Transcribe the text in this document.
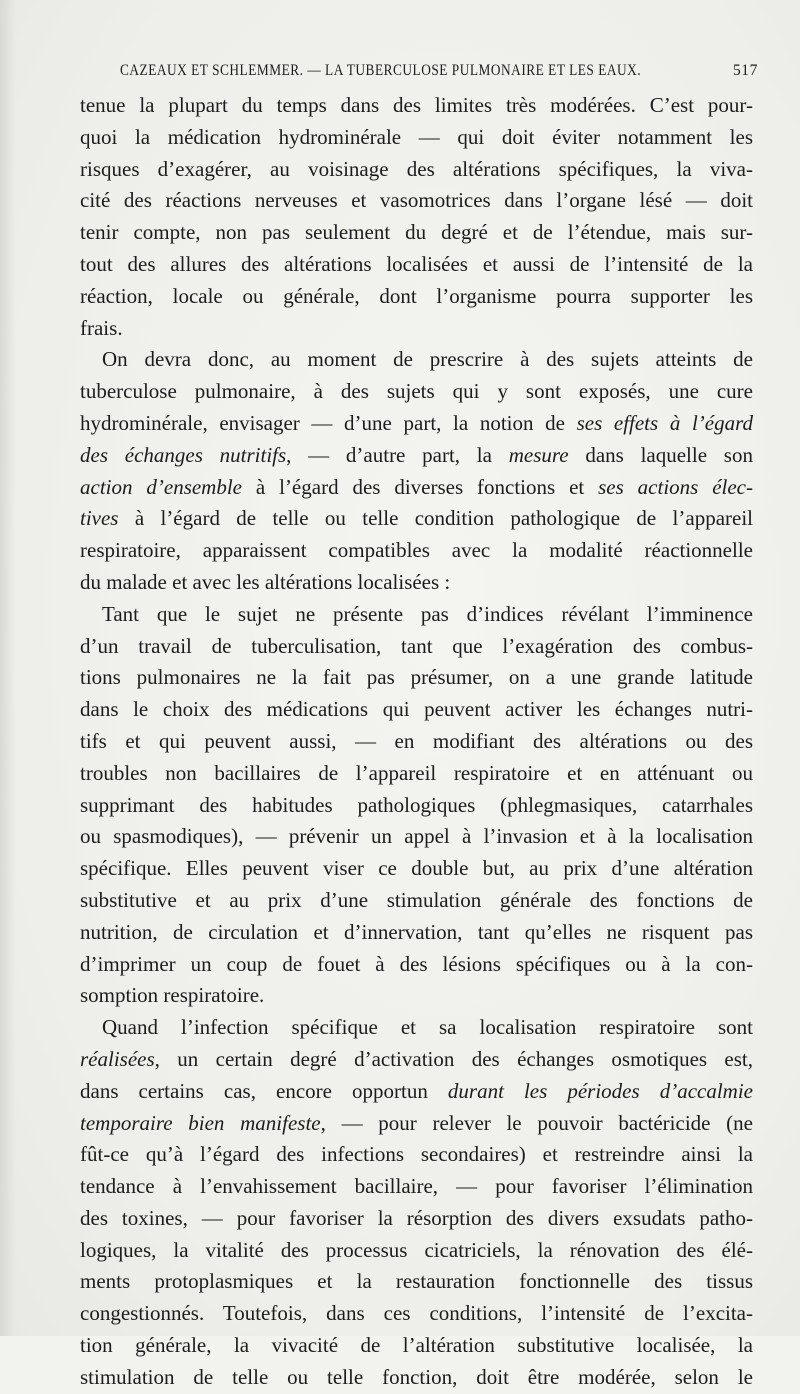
CAZEAUX ET SCHLEMMER. — LA TUBERCULOSE PULMONAIRE ET LES EAUX.	517
tenue la plupart du temps dans des limites très modérées. C’est pour-
quoi la médication hydrominérale — qui doit éviter notamment les
risques d’exagérer, au voisinage des altérations spécifiques, la viva-
cité des réactions nerveuses et vasomotrices dans l’organe lésé — doit
tenir compte, non pas seulement du degré et de l’étendue, mais sur-
tout des allures des altérations localisées et aussi de l’intensité de la
réaction, locale ou générale, dont l’organisme pourra supporter les
frais.
On devra donc, au moment de prescrire à des sujets atteints de
tuberculose pulmonaire, à des sujets qui y sont exposés, une cure
hydrominérale, envisager — d’une part, la notion de ses effets à l’égard
des échanges nutritifs, — d’autre part, la mesure dans laquelle son
action d’ensemble à l’égard des diverses fonctions et ses actions élec-
tives à l’égard de telle ou telle condition pathologique de l’appareil
respiratoire, apparaissent compatibles avec la modalité réactionnelle
du malade et avec les altérations localisées :
Tant que le sujet ne présente pas d’indices révélant l’imminence
d’un travail de tuberculisation, tant que l’exagération des combus-
tions pulmonaires ne la fait pas présumer, on a une grande latitude
dans le choix des médications qui peuvent activer les échanges nutri-
tifs et qui peuvent aussi, — en modifiant des altérations ou des
troubles non bacillaires de l’appareil respiratoire et en atténuant ou
supprimant des habitudes pathologiques (phlegmasiques, catarrhales
ou spasmodiques), — prévenir un appel à l’invasion et à la localisation
spécifique. Elles peuvent viser ce double but, au prix d’une altération
substitutive et au prix d’une stimulation générale des fonctions de
nutrition, de circulation et d’innervation, tant qu’elles ne risquent pas
d’imprimer un coup de fouet à des lésions spécifiques ou à la con-
somption respiratoire.
Quand l’infection spécifique et sa localisation respiratoire sont
réalisées, un certain degré d’activation des échanges osmotiques est,
dans certains cas, encore opportun durant les périodes d’accalmie
temporaire bien manifeste, — pour relever le pouvoir bactéricide (ne
fût-ce qu’à l’égard des infections secondaires) et restreindre ainsi la
tendance à l’envahissement bacillaire, — pour favoriser l’élimination
des toxines, — pour favoriser la résorption des divers exsudats patho-
logiques, la vitalité des processus cicatriciels, la rénovation des élé-
ments protoplasmiques et la restauration fonctionnelle des tissus
congestionnés. Toutefois, dans ces conditions, l’intensité de l’excita-
tion générale, la vivacité de l’altération substitutive localisée, la
stimulation de telle ou telle fonction, doit être modérée, selon le
